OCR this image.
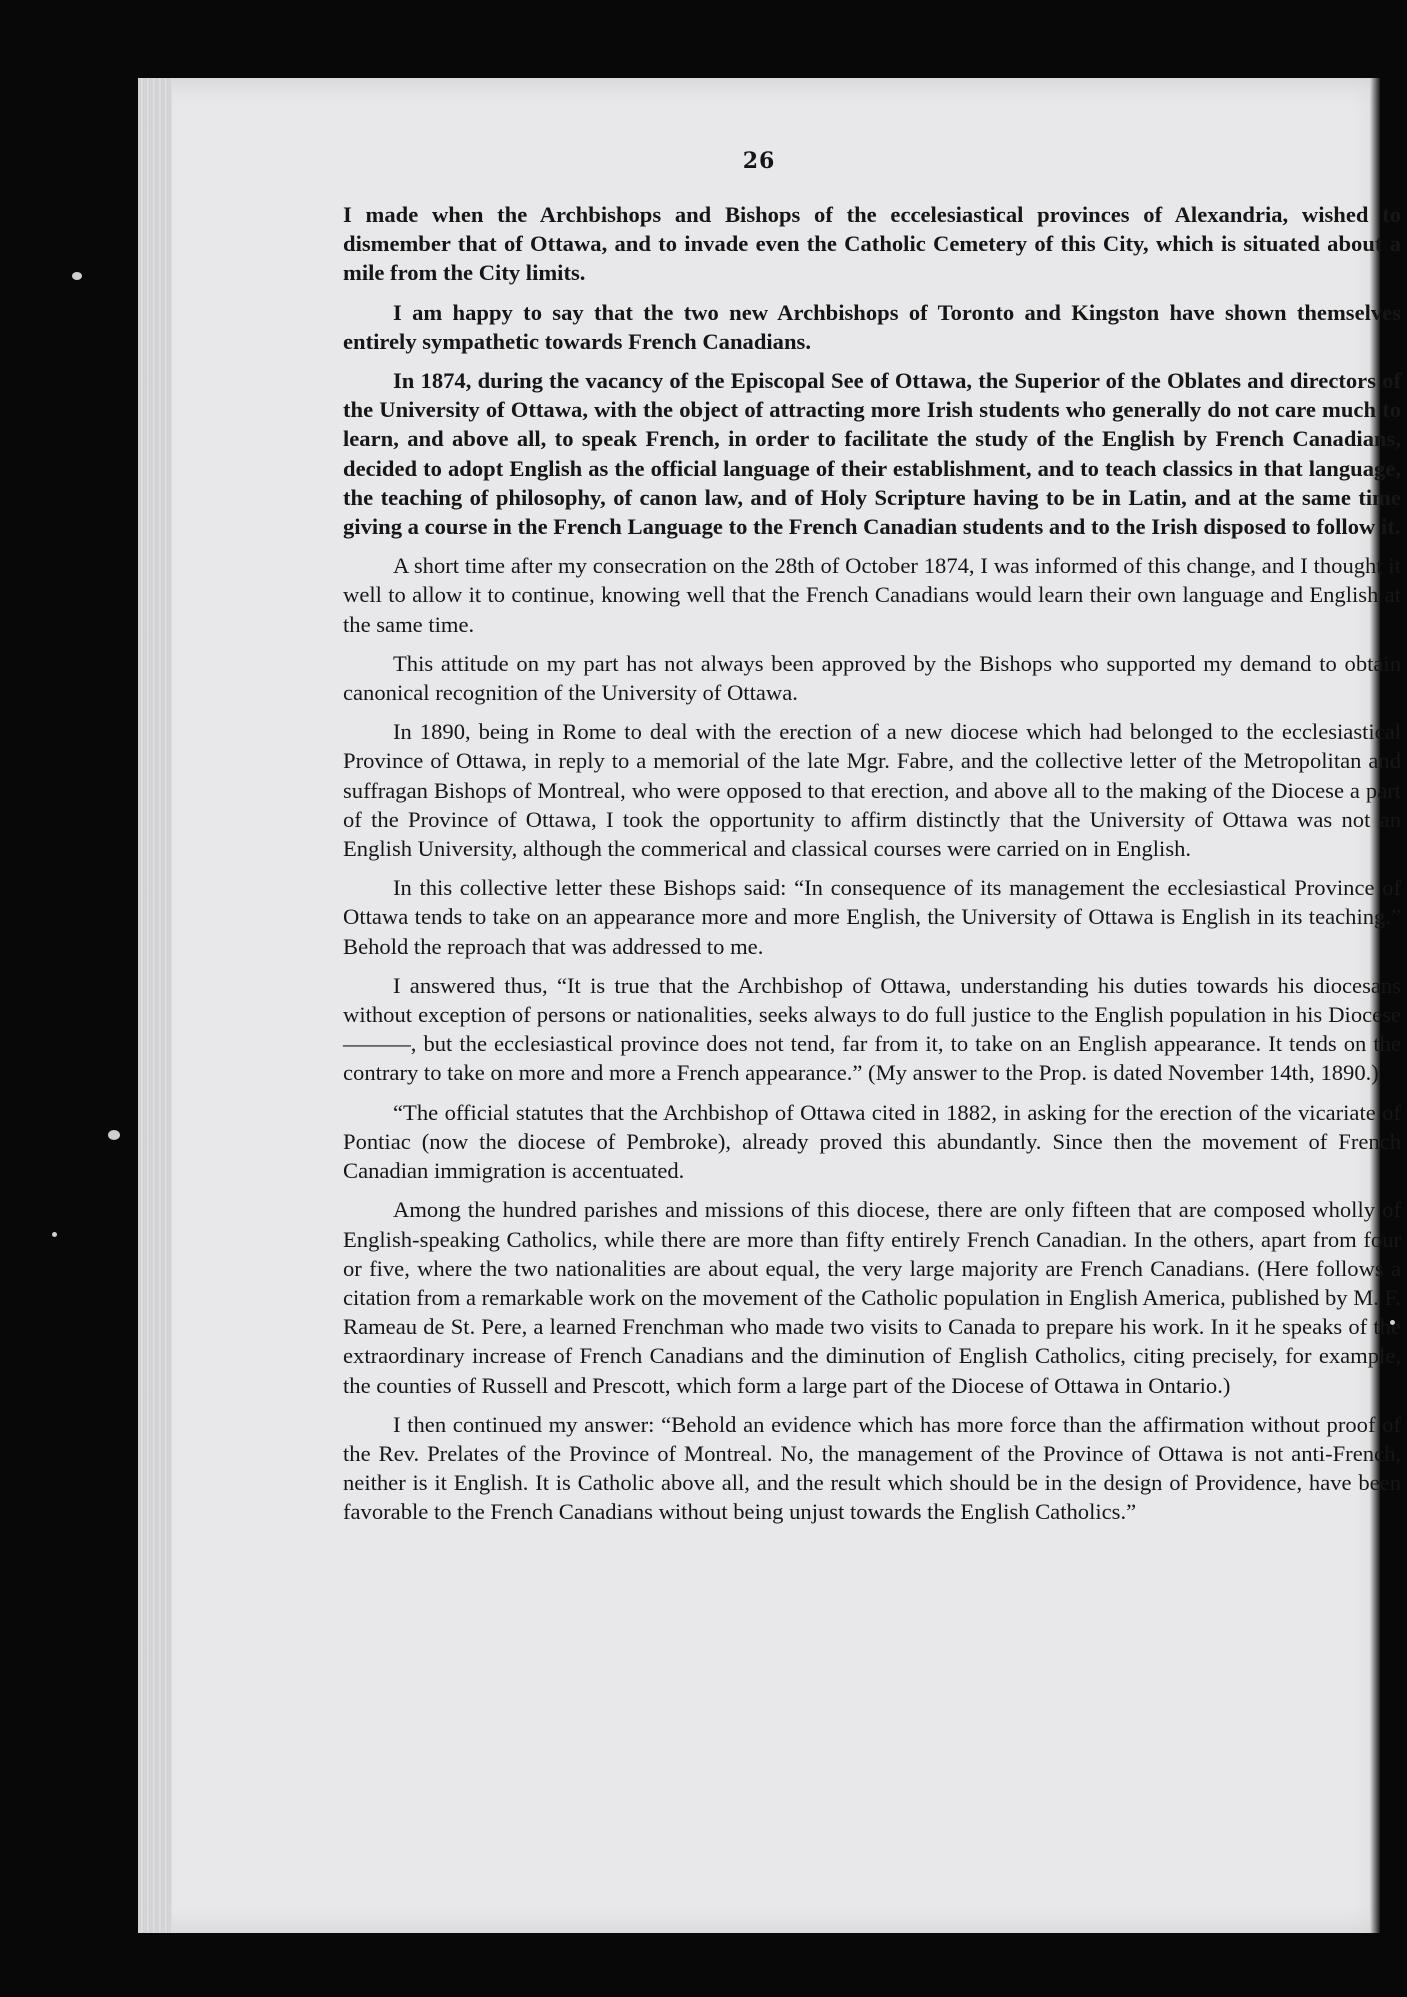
26

I made when the Archbishops and Bishops of the eccelesiastical provinces of Alexandria, wished to dismember that of Ottawa, and to invade even the Catholic Cemetery of this City, which is situated about a mile from the City limits.

I am happy to say that the two new Archbishops of Toronto and Kingston have shown themselves entirely sympathetic towards French Canadians.

In 1874, during the vacancy of the Episcopal See of Ottawa, the Superior of the Oblates and directors of the University of Ottawa, with the object of attracting more Irish students who generally do not care much to learn, and above all, to speak French, in order to facilitate the study of the English by French Canadians, decided to adopt English as the official language of their establishment, and to teach classics in that language, the teaching of philosophy, of canon law, and of Holy Scripture having to be in Latin, and at the same time giving a course in the French Language to the French Canadian students and to the Irish disposed to follow it.

A short time after my consecration on the 28th of October 1874, I was informed of this change, and I thought it well to allow it to continue, knowing well that the French Canadians would learn their own language and English at the same time.

This attitude on my part has not always been approved by the Bishops who supported my demand to obtain canonical recognition of the University of Ottawa.

In 1890, being in Rome to deal with the erection of a new diocese which had belonged to the ecclesiastical Province of Ottawa, in reply to a memorial of the late Mgr. Fabre, and the collective letter of the Metropolitan and suffragan Bishops of Montreal, who were opposed to that erection, and above all to the making of the Diocese a part of the Province of Ottawa, I took the opportunity to affirm distinctly that the University of Ottawa was not an English University, although the commerical and classical courses were carried on in English.

In this collective letter these Bishops said: “In consequence of its management the ecclesiastical Province of Ottawa tends to take on an appearance more and more English, the University of Ottawa is English in its teaching.” Behold the reproach that was addressed to me.

I answered thus, “It is true that the Archbishop of Ottawa, understanding his duties towards his diocesans without exception of persons or nationalities, seeks always to do full justice to the English population in his Diocese———, but the ecclesiastical province does not tend, far from it, to take on an English appearance. It tends on the contrary to take on more and more a French appearance.” (My answer to the Prop. is dated November 14th, 1890.)

“The official statutes that the Archbishop of Ottawa cited in 1882, in asking for the erection of the vicariate of Pontiac (now the diocese of Pembroke), already proved this abundantly. Since then the movement of French Canadian immigration is accentuated.

Among the hundred parishes and missions of this diocese, there are only fifteen that are composed wholly of English-speaking Catholics, while there are more than fifty entirely French Canadian. In the others, apart from four or five, where the two nationalities are about equal, the very large majority are French Canadians. (Here follows a citation from a remarkable work on the movement of the Catholic population in English America, published by M. F. Rameau de St. Pere, a learned Frenchman who made two visits to Canada to prepare his work. In it he speaks of the extraordinary increase of French Canadians and the diminution of English Catholics, citing precisely, for example, the counties of Russell and Prescott, which form a large part of the Diocese of Ottawa in Ontario.)

I then continued my answer: “Behold an evidence which has more force than the affirmation without proof of the Rev. Prelates of the Province of Montreal. No, the management of the Province of Ottawa is not anti-French, neither is it English. It is Catholic above all, and the result which should be in the design of Providence, have been favorable to the French Canadians without being unjust towards the English Catholics.”
